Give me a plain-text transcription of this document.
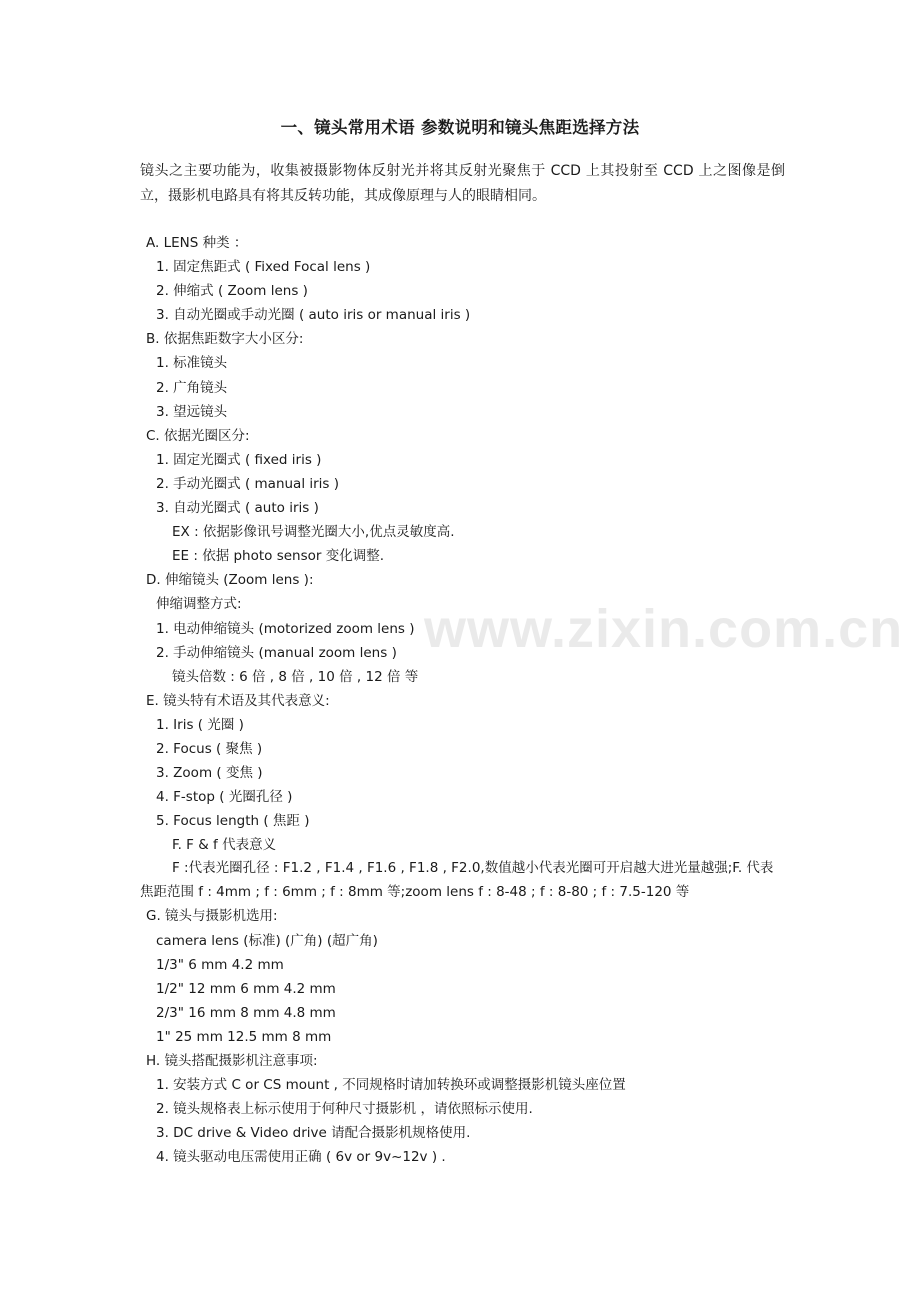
一、镜头常用术语 参数说明和镜头焦距选择方法
镜头之主要功能为，收集被摄影物体反射光并将其反射光聚焦于 CCD 上其投射至 CCD 上之图像是倒立，摄影机电路具有将其反转功能，其成像原理与人的眼睛相同。
A. LENS 种类 ：
1. 固定焦距式 ( Fixed Focal lens )
2. 伸缩式 ( Zoom lens )
3. 自动光圈或手动光圈 ( auto iris or manual iris )
B. 依据焦距数字大小区分:
1. 标准镜头
2. 广角镜头
3. 望远镜头
C. 依据光圈区分:
1. 固定光圈式 ( fixed iris )
2. 手动光圈式 ( manual iris )
3. 自动光圈式 ( auto iris )
EX : 依据影像讯号调整光圈大小,优点灵敏度高.
EE : 依据 photo sensor 变化调整.
D. 伸缩镜头 (Zoom lens ):
伸缩调整方式:
1. 电动伸缩镜头 (motorized zoom lens )
2. 手动伸缩镜头 (manual zoom lens )
镜头倍数 : 6 倍 , 8 倍 , 10 倍 , 12 倍 等
E. 镜头特有术语及其代表意义:
1. Iris ( 光圈 )
2. Focus ( 聚焦 )
3. Zoom ( 变焦 )
4. F-stop ( 光圈孔径 )
5. Focus length ( 焦距 )
F. F & f 代表意义
F :代表光圈孔径 : F1.2 , F1.4 , F1.6 , F1.8 , F2.0,数值越小代表光圈可开启越大进光量越强;F. 代表焦距范围 f : 4mm ; f : 6mm ; f : 8mm 等;zoom lens f : 8-48 ; f : 8-80 ; f : 7.5-120 等
G. 镜头与摄影机选用:
camera lens (标准) (广角) (超广角)
1/3" 6 mm 4.2 mm
1/2" 12 mm 6 mm 4.2 mm
2/3" 16 mm 8 mm 4.8 mm
1" 25 mm 12.5 mm 8 mm
H. 镜头搭配摄影机注意事项:
1. 安装方式 C or CS mount , 不同规格时请加转换环或调整摄影机镜头座位置
2. 镜头规格表上标示使用于何种尺寸摄影机 ，请依照标示使用.
3. DC drive & Video drive 请配合摄影机规格使用.
4. 镜头驱动电压需使用正确 ( 6v or 9v~12v ) .
www.zixin.com.cn
